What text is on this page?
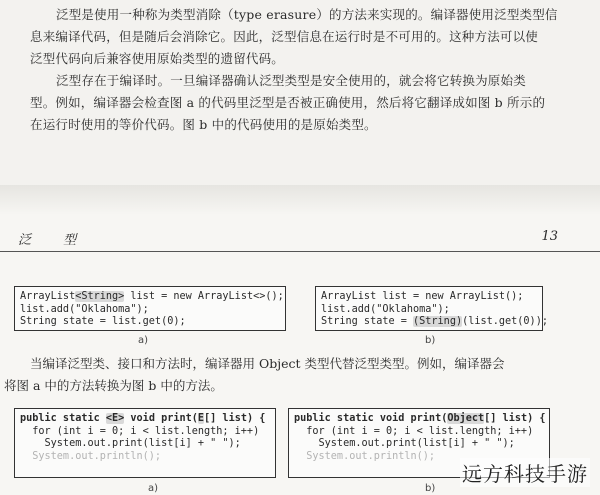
泛型是使用一种称为类型消除（type erasure）的方法来实现的。编译器使用泛型类型信
息来编译代码，但是随后会消除它。因此，泛型信息在运行时是不可用的。这种方法可以使
泛型代码向后兼容使用原始类型的遗留代码。
泛型存在于编译时。一旦编译器确认泛型类型是安全使用的，就会将它转换为原始类
型。例如，编译器会检查图 a 的代码里泛型是否被正确使用，然后将它翻译成如图 b 所示的
在运行时使用的等价代码。图 b 中的代码使用的是原始类型。
泛 型	13
ArrayList<String> list = new ArrayList<>();
list.add("Oklahoma");
String state = list.get(0);
a)
ArrayList list = new ArrayList();
list.add("Oklahoma");
String state = (String)(list.get(0));
b)
当编译泛型类、接口和方法时，编译器用 Object 类型代替泛型类型。例如，编译器会
将图 a 中的方法转换为图 b 中的方法。
public static <E> void print(E[] list) {
for (int i = 0; i < list.length; i++)
System.out.print(list[i] + " ");
System.out.println();
a)
public static void print(Object[] list) {
for (int i = 0; i < list.length; i++)
System.out.print(list[i] + " ");
System.out.println();
b)
远方科技手游
